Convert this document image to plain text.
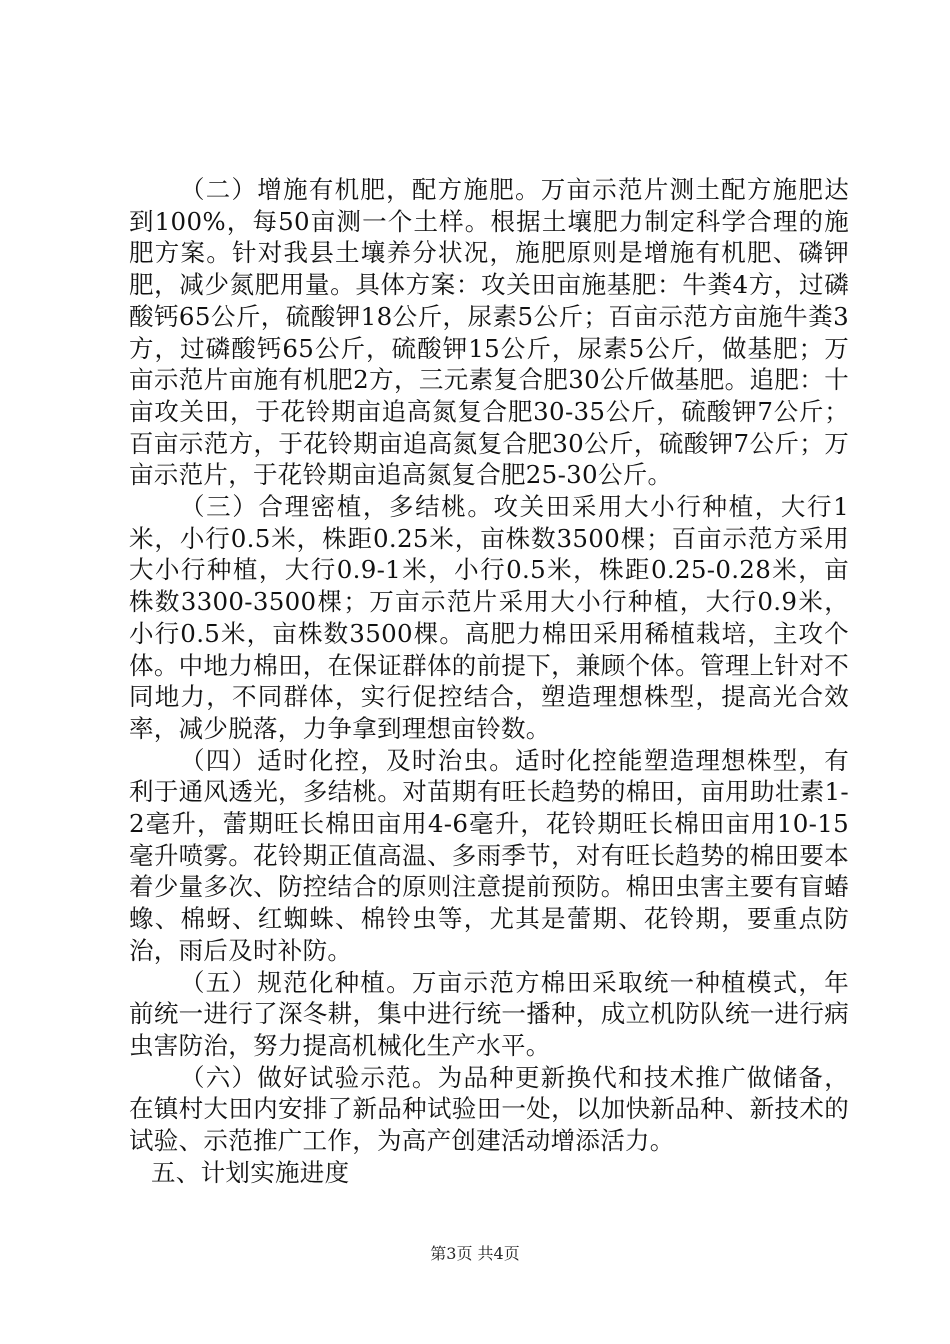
（二）增施有机肥，配方施肥。万亩示范片测土配方施肥达到100%，每50亩测一个土样。根据土壤肥力制定科学合理的施肥方案。针对我县土壤养分状况，施肥原则是增施有机肥、磷钾肥，减少氮肥用量。具体方案：攻关田亩施基肥：牛粪4方，过磷酸钙65公斤，硫酸钾18公斤，尿素5公斤；百亩示范方亩施牛粪3方，过磷酸钙65公斤，硫酸钾15公斤，尿素5公斤，做基肥；万亩示范片亩施有机肥2方，三元素复合肥30公斤做基肥。追肥：十亩攻关田，于花铃期亩追高氮复合肥30-35公斤，硫酸钾7公斤；百亩示范方，于花铃期亩追高氮复合肥30公斤，硫酸钾7公斤；万亩示范片，于花铃期亩追高氮复合肥25-30公斤。

（三）合理密植，多结桃。攻关田采用大小行种植，大行1米，小行0.5米，株距0.25米，亩株数3500棵；百亩示范方采用大小行种植，大行0.9-1米，小行0.5米，株距0.25-0.28米，亩株数3300-3500棵；万亩示范片采用大小行种植，大行0.9米，小行0.5米，亩株数3500棵。高肥力棉田采用稀植栽培，主攻个体。中地力棉田，在保证群体的前提下，兼顾个体。管理上针对不同地力，不同群体，实行促控结合，塑造理想株型，提高光合效率，减少脱落，力争拿到理想亩铃数。

（四）适时化控，及时治虫。适时化控能塑造理想株型，有利于通风透光，多结桃。对苗期有旺长趋势的棉田，亩用助壮素1-2毫升，蕾期旺长棉田亩用4-6毫升，花铃期旺长棉田亩用10-15毫升喷雾。花铃期正值高温、多雨季节，对有旺长趋势的棉田要本着少量多次、防控结合的原则注意提前预防。棉田虫害主要有盲蝽蟓、棉蚜、红蜘蛛、棉铃虫等，尤其是蕾期、花铃期，要重点防治，雨后及时补防。

（五）规范化种植。万亩示范方棉田采取统一种植模式，年前统一进行了深冬耕，集中进行统一播种，成立机防队统一进行病虫害防治，努力提高机械化生产水平。

（六）做好试验示范。为品种更新换代和技术推广做储备，在镇村大田内安排了新品种试验田一处，以加快新品种、新技术的试验、示范推广工作，为高产创建活动增添活力。

五、计划实施进度

第3页 共4页
